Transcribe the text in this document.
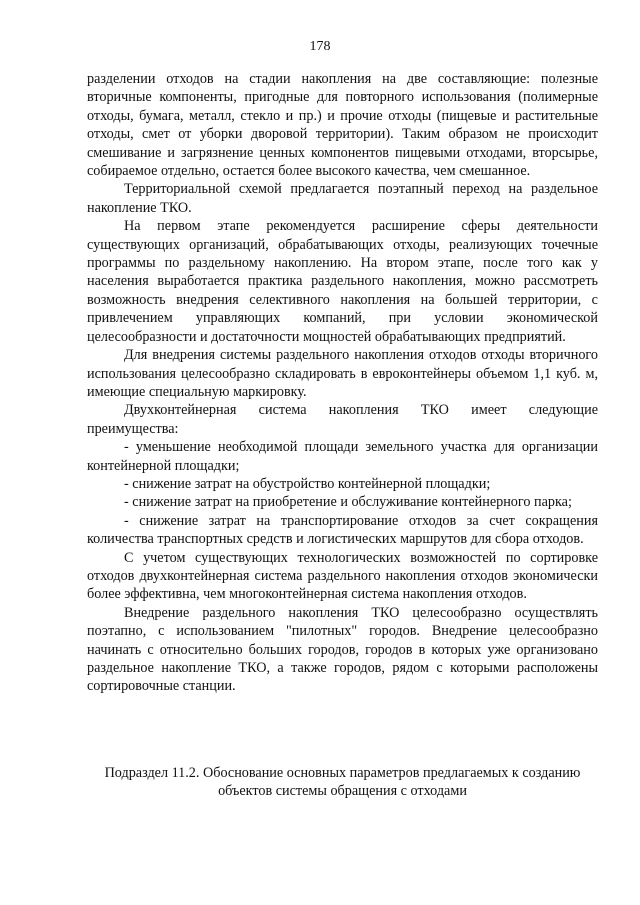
178

разделении отходов на стадии накопления на две составляющие: полезные вторичные компоненты, пригодные для повторного использования (полимерные отходы, бумага, металл, стекло и пр.) и прочие отходы (пищевые и растительные отходы, смет от уборки дворовой территории). Таким образом не происходит смешивание и загрязнение ценных компонентов пищевыми отходами, вторсырье, собираемое отдельно, остается более высокого качества, чем смешанное.

Территориальной схемой предлагается поэтапный переход на раздельное накопление ТКО.

На первом этапе рекомендуется расширение сферы деятельности существующих организаций, обрабатывающих отходы, реализующих точечные программы по раздельному накоплению. На втором этапе, после того как у населения выработается практика раздельного накопления, можно рассмотреть возможность внедрения селективного накопления на большей территории, с привлечением управляющих компаний, при условии экономической целесообразности и достаточности мощностей обрабатывающих предприятий.

Для внедрения системы раздельного накопления отходов отходы вторичного использования целесообразно складировать в евроконтейнеры объемом 1,1 куб. м, имеющие специальную маркировку.

Двухконтейнерная система накопления ТКО имеет следующие преимущества:

- уменьшение необходимой площади земельного участка для организации контейнерной площадки;

- снижение затрат на обустройство контейнерной площадки;

- снижение затрат на приобретение и обслуживание контейнерного парка;

- снижение затрат на транспортирование отходов за счет сокращения количества транспортных средств и логистических маршрутов для сбора отходов.

С учетом существующих технологических возможностей по сортировке отходов двухконтейнерная система раздельного накопления отходов экономически более эффективна, чем многоконтейнерная система накопления отходов.

Внедрение раздельного накопления ТКО целесообразно осуществлять поэтапно, с использованием "пилотных" городов. Внедрение целесообразно начинать с относительно больших городов, городов в которых уже организовано раздельное накопление ТКО, а также городов, рядом с которыми расположены сортировочные станции.

Подраздел 11.2. Обоснование основных параметров предлагаемых к созданию

объектов системы обращения с отходами
